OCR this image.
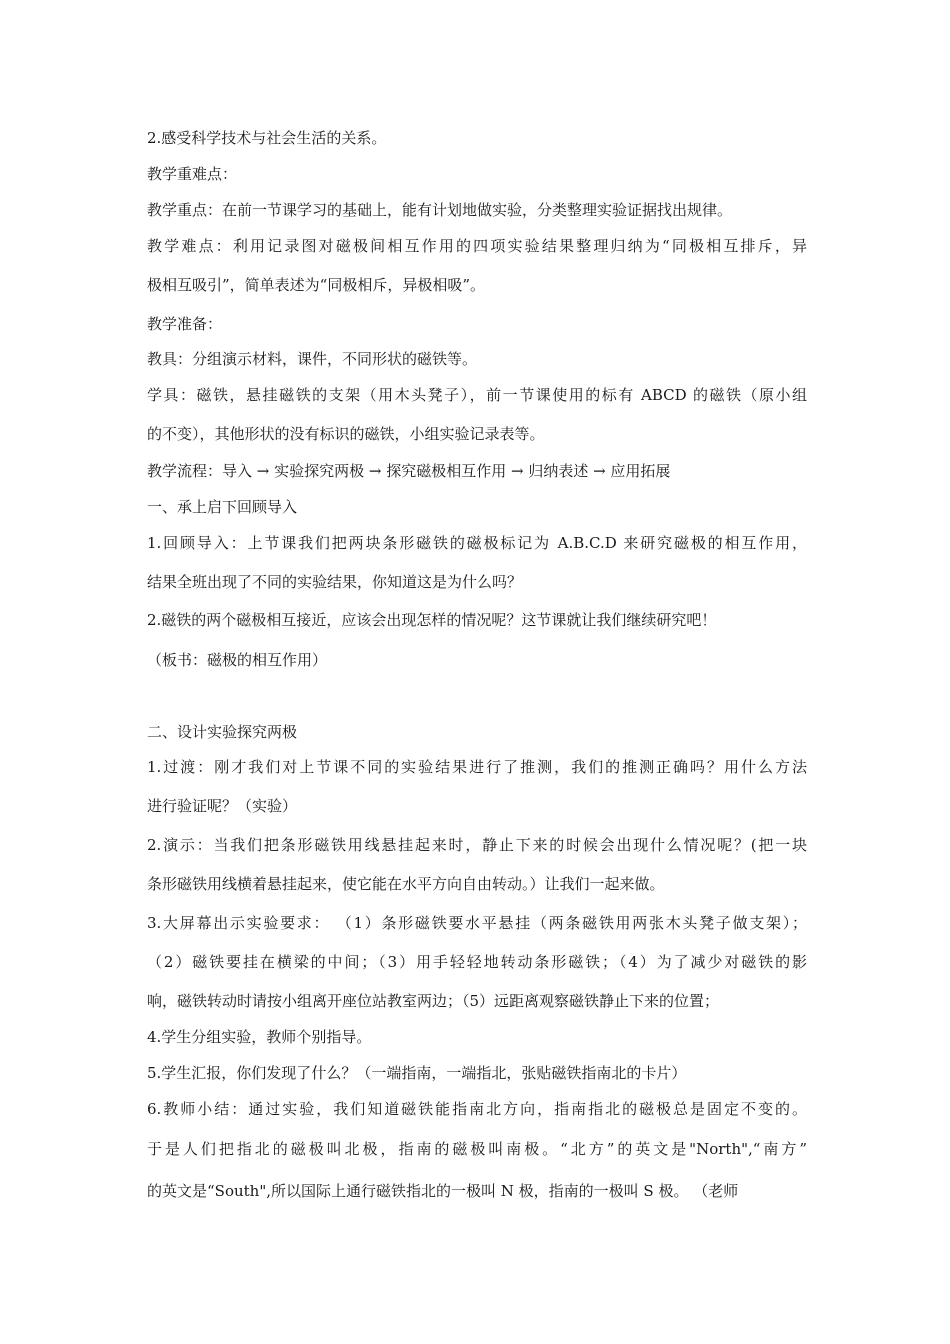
2.感受科学技术与社会生活的关系。
教学重难点：
教学重点：在前一节课学习的基础上，能有计划地做实验，分类整理实验证据找出规律。
教学难点：利用记录图对磁极间相互作用的四项实验结果整理归纳为“同极相互排斥，异
极相互吸引”，简单表述为“同极相斥，异极相吸”。
教学准备：
教具：分组演示材料，课件，不同形状的磁铁等。
学具：磁铁，悬挂磁铁的支架（用木头凳子），前一节课使用的标有 ABCD 的磁铁（原小组
的不变），其他形状的没有标识的磁铁，小组实验记录表等。
教学流程：导入 → 实验探究两极 → 探究磁极相互作用 → 归纳表述 → 应用拓展
一、承上启下回顾导入
1.回顾导入：上节课我们把两块条形磁铁的磁极标记为 A.B.C.D 来研究磁极的相互作用，
结果全班出现了不同的实验结果，你知道这是为什么吗？
2.磁铁的两个磁极相互接近，应该会出现怎样的情况呢？这节课就让我们继续研究吧！
（板书：磁极的相互作用）
二、设计实验探究两极
1.过渡：刚才我们对上节课不同的实验结果进行了推测，我们的推测正确吗？用什么方法
进行验证呢？（实验）
2.演示：当我们把条形磁铁用线悬挂起来时，静止下来的时候会出现什么情况呢？(把一块
条形磁铁用线横着悬挂起来，使它能在水平方向自由转动。）让我们一起来做。
3.大屏幕出示实验要求： （1）条形磁铁要水平悬挂（两条磁铁用两张木头凳子做支架）；
（2）磁铁要挂在横梁的中间；（3）用手轻轻地转动条形磁铁；（4）为了减少对磁铁的影
响，磁铁转动时请按小组离开座位站教室两边；（5）远距离观察磁铁静止下来的位置；
4.学生分组实验，教师个别指导。
5.学生汇报，你们发现了什么？（一端指南，一端指北，张贴磁铁指南北的卡片）
6.教师小结：通过实验，我们知道磁铁能指南北方向，指南指北的磁极总是固定不变的。
于是人们把指北的磁极叫北极，指南的磁极叫南极。“北方”的英文是"North",“南方”
的英文是“South",所以国际上通行磁铁指北的一极叫 N 极，指南的一极叫 S 极。 （老师
